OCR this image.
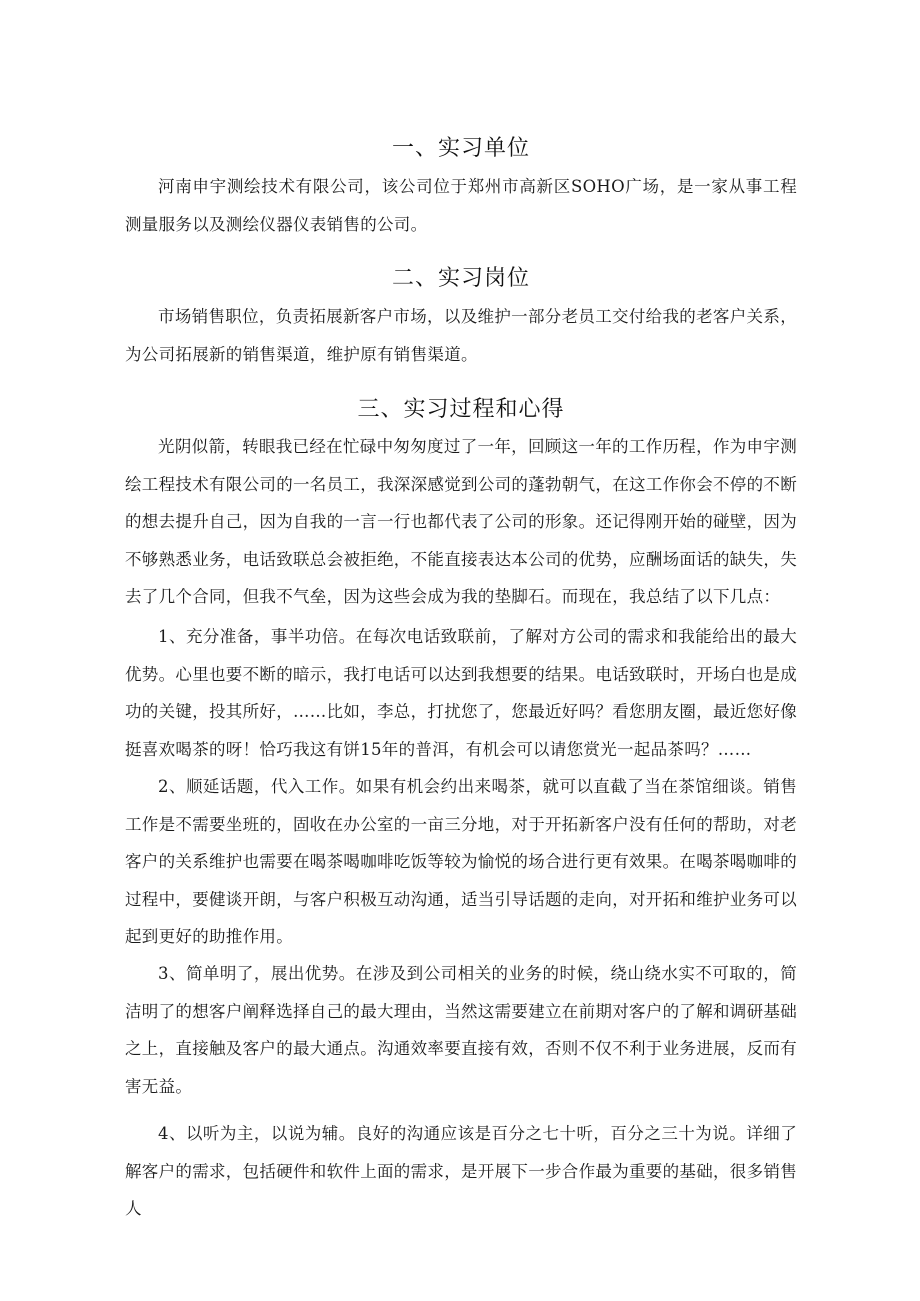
一、实习单位

河南申宇测绘技术有限公司，该公司位于郑州市高新区SOHO广场，是一家从事工程测量服务以及测绘仪器仪表销售的公司。

二、实习岗位

市场销售职位，负责拓展新客户市场，以及维护一部分老员工交付给我的老客户关系，为公司拓展新的销售渠道，维护原有销售渠道。

三、实习过程和心得

光阴似箭，转眼我已经在忙碌中匆匆度过了一年，回顾这一年的工作历程，作为申宇测绘工程技术有限公司的一名员工，我深深感觉到公司的蓬勃朝气，在这工作你会不停的不断的想去提升自己，因为自我的一言一行也都代表了公司的形象。还记得刚开始的碰壁，因为不够熟悉业务，电话致联总会被拒绝，不能直接表达本公司的优势，应酬场面话的缺失，失去了几个合同，但我不气垒，因为这些会成为我的垫脚石。而现在，我总结了以下几点：

1、充分准备，事半功倍。在每次电话致联前，了解对方公司的需求和我能给出的最大优势。心里也要不断的暗示，我打电话可以达到我想要的结果。电话致联时，开场白也是成功的关键，投其所好，……比如，李总，打扰您了，您最近好吗？看您朋友圈，最近您好像挺喜欢喝茶的呀！恰巧我这有饼15年的普洱，有机会可以请您赏光一起品茶吗？……

2、顺延话题，代入工作。如果有机会约出来喝茶，就可以直截了当在茶馆细谈。销售工作是不需要坐班的，固收在办公室的一亩三分地，对于开拓新客户没有任何的帮助，对老客户的关系维护也需要在喝茶喝咖啡吃饭等较为愉悦的场合进行更有效果。在喝茶喝咖啡的过程中，要健谈开朗，与客户积极互动沟通，适当引导话题的走向，对开拓和维护业务可以起到更好的助推作用。

3、简单明了，展出优势。在涉及到公司相关的业务的时候，绕山绕水实不可取的，简洁明了的想客户阐释选择自己的最大理由，当然这需要建立在前期对客户的了解和调研基础之上，直接触及客户的最大通点。沟通效率要直接有效，否则不仅不利于业务进展，反而有害无益。

4、以听为主，以说为辅。良好的沟通应该是百分之七十听，百分之三十为说。详细了解客户的需求，包括硬件和软件上面的需求，是开展下一步合作最为重要的基础，很多销售人
